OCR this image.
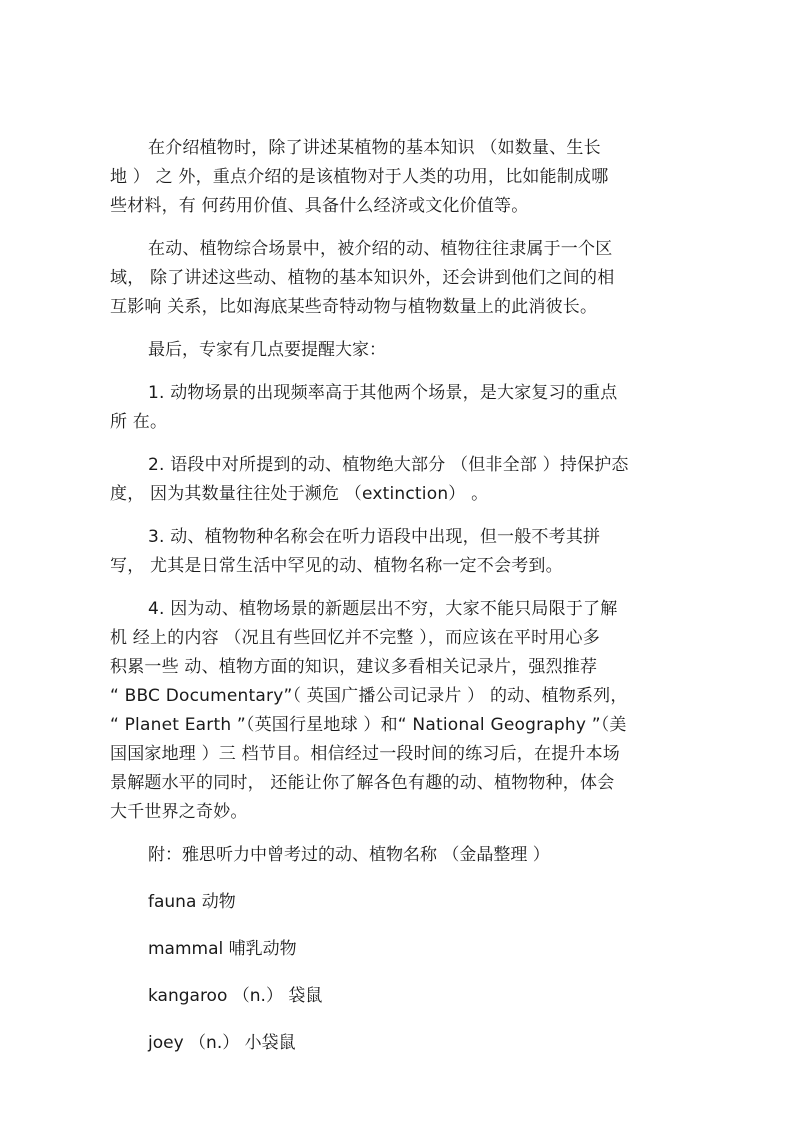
在介绍植物时，除了讲述某植物的基本知识 （如数量、生长
地 ） 之 外，重点介绍的是该植物对于人类的功用，比如能制成哪
些材料，有 何药用价值、具备什么经济或文化价值等。
在动、植物综合场景中，被介绍的动、植物往往隶属于一个区
域， 除了讲述这些动、植物的基本知识外，还会讲到他们之间的相
互影响 关系，比如海底某些奇特动物与植物数量上的此消彼长。
最后，专家有几点要提醒大家：
1. 动物场景的出现频率高于其他两个场景，是大家复习的重点
所 在。
2. 语段中对所提到的动、植物绝大部分 （但非全部 ）持保护态
度， 因为其数量往往处于濒危 （extinction） 。
3. 动、植物物种名称会在听力语段中出现，但一般不考其拼
写， 尤其是日常生活中罕见的动、植物名称一定不会考到。
4. 因为动、植物场景的新题层出不穷，大家不能只局限于了解
机 经上的内容 （况且有些回忆并不完整 ），而应该在平时用心多
积累一些 动、植物方面的知识，建议多看相关记录片，强烈推荐
“ BBC Documentary”（ 英国广播公司记录片 ） 的动、植物系列，
“ Planet Earth ”（英国行星地球 ）和“ National Geography ”（美
国国家地理 ）三 档节目。相信经过一段时间的练习后，在提升本场
景解题水平的同时， 还能让你了解各色有趣的动、植物物种，体会
大千世界之奇妙。
附：雅思听力中曾考过的动、植物名称 （金晶整理 ）
fauna 动物
mammal 哺乳动物
kangaroo （n.） 袋鼠
joey （n.） 小袋鼠
